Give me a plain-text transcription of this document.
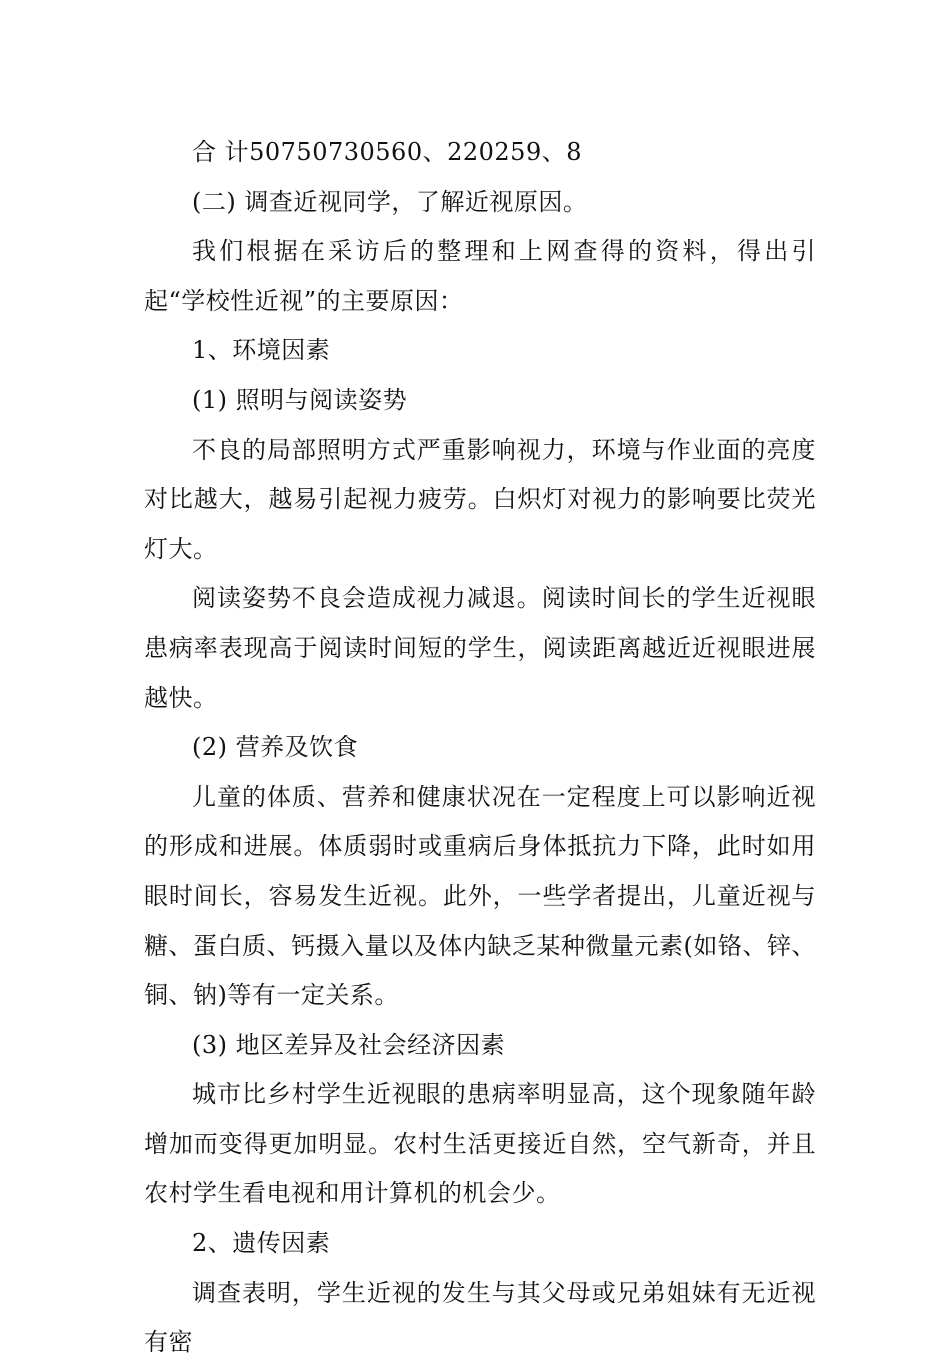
合 计50750730560、220259、8

(二) 调查近视同学，了解近视原因。

我们根据在采访后的整理和上网查得的资料，得出引起“学校性近视”的主要原因：

1、环境因素

(1) 照明与阅读姿势

不良的局部照明方式严重影响视力，环境与作业面的亮度对比越大，越易引起视力疲劳。白炽灯对视力的影响要比荧光灯大。

阅读姿势不良会造成视力减退。阅读时间长的学生近视眼患病率表现高于阅读时间短的学生，阅读距离越近近视眼进展越快。

(2) 营养及饮食

儿童的体质、营养和健康状况在一定程度上可以影响近视的形成和进展。体质弱时或重病后身体抵抗力下降，此时如用眼时间长，容易发生近视。此外，一些学者提出，儿童近视与糖、蛋白质、钙摄入量以及体内缺乏某种微量元素(如铬、锌、铜、钠)等有一定关系。

(3) 地区差异及社会经济因素

城市比乡村学生近视眼的患病率明显高，这个现象随年龄增加而变得更加明显。农村生活更接近自然，空气新奇，并且农村学生看电视和用计算机的机会少。

2、遗传因素

调查表明，学生近视的发生与其父母或兄弟姐妹有无近视有密
